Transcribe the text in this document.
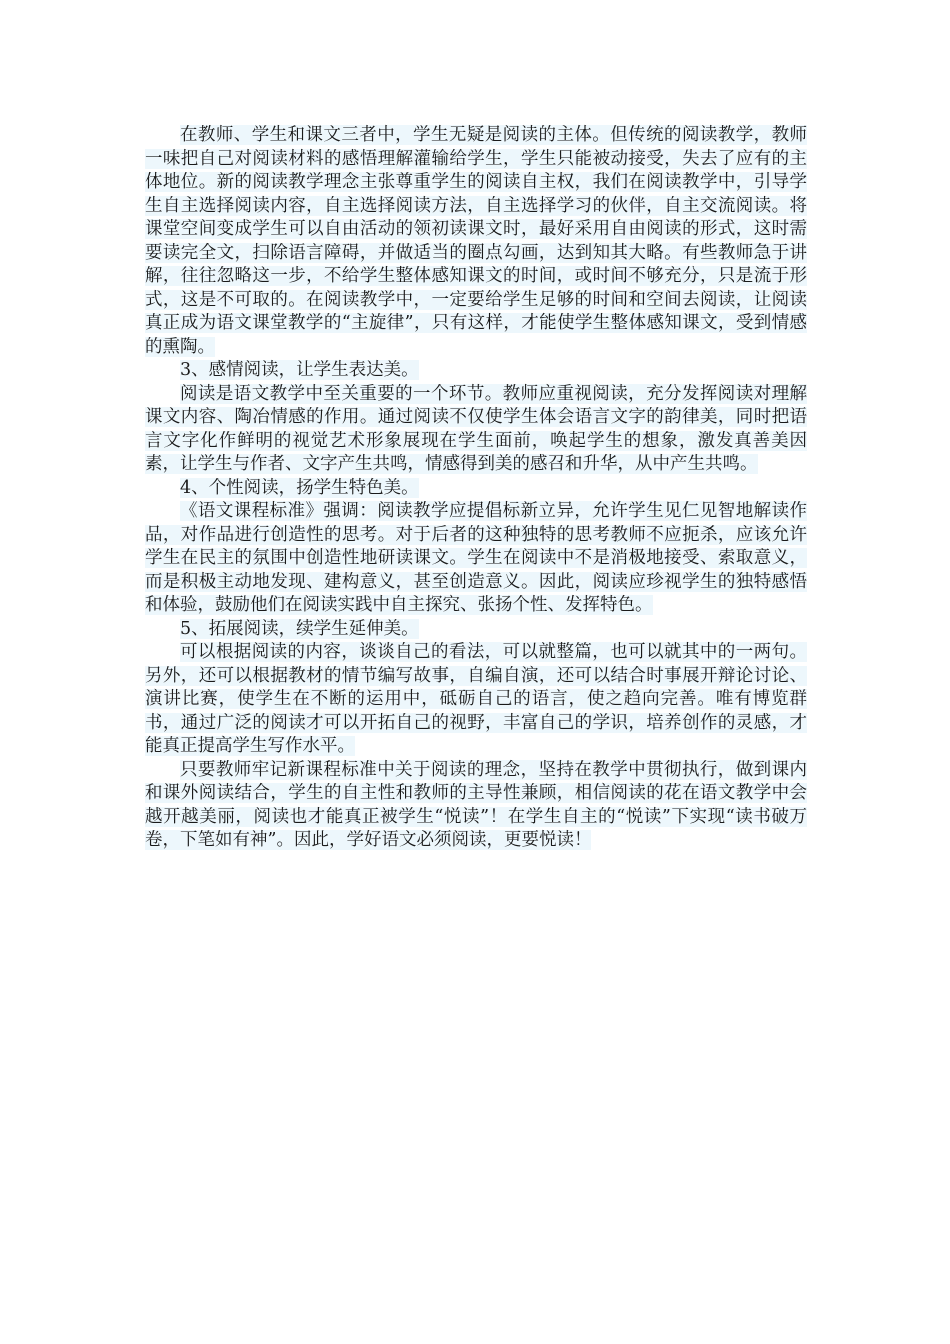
在教师、学生和课文三者中，学生无疑是阅读的主体。但传统的阅读教学，教师一味把自己对阅读材料的感悟理解灌输给学生，学生只能被动接受，失去了应有的主体地位。新的阅读教学理念主张尊重学生的阅读自主权，我们在阅读教学中，引导学生自主选择阅读内容，自主选择阅读方法，自主选择学习的伙伴，自主交流阅读。将课堂空间变成学生可以自由活动的领初读课文时，最好采用自由阅读的形式，这时需要读完全文，扫除语言障碍，并做适当的圈点勾画，达到知其大略。有些教师急于讲解，往往忽略这一步，不给学生整体感知课文的时间，或时间不够充分，只是流于形式，这是不可取的。在阅读教学中，一定要给学生足够的时间和空间去阅读，让阅读真正成为语文课堂教学的“主旋律”，只有这样，才能使学生整体感知课文，受到情感的熏陶。

3、感情阅读，让学生表达美。

阅读是语文教学中至关重要的一个环节。教师应重视阅读，充分发挥阅读对理解课文内容、陶冶情感的作用。通过阅读不仅使学生体会语言文字的韵律美，同时把语言文字化作鲜明的视觉艺术形象展现在学生面前，唤起学生的想象，激发真善美因素，让学生与作者、文字产生共鸣，情感得到美的感召和升华，从中产生共鸣。

4、个性阅读，扬学生特色美。

《语文课程标准》强调：阅读教学应提倡标新立异，允许学生见仁见智地解读作品，对作品进行创造性的思考。对于后者的这种独特的思考教师不应扼杀，应该允许学生在民主的氛围中创造性地研读课文。学生在阅读中不是消极地接受、索取意义，而是积极主动地发现、建构意义，甚至创造意义。因此，阅读应珍视学生的独特感悟和体验，鼓励他们在阅读实践中自主探究、张扬个性、发挥特色。

5、拓展阅读，续学生延伸美。

可以根据阅读的内容，谈谈自己的看法，可以就整篇，也可以就其中的一两句。另外，还可以根据教材的情节编写故事，自编自演，还可以结合时事展开辩论讨论、演讲比赛，使学生在不断的运用中，砥砺自己的语言，使之趋向完善。唯有博览群书，通过广泛的阅读才可以开拓自己的视野，丰富自己的学识，培养创作的灵感，才能真正提高学生写作水平。

只要教师牢记新课程标准中关于阅读的理念，坚持在教学中贯彻执行，做到课内和课外阅读结合，学生的自主性和教师的主导性兼顾，相信阅读的花在语文教学中会越开越美丽，阅读也才能真正被学生“悦读”！在学生自主的“悦读”下实现“读书破万卷，下笔如有神”。因此，学好语文必须阅读，更要悦读！
